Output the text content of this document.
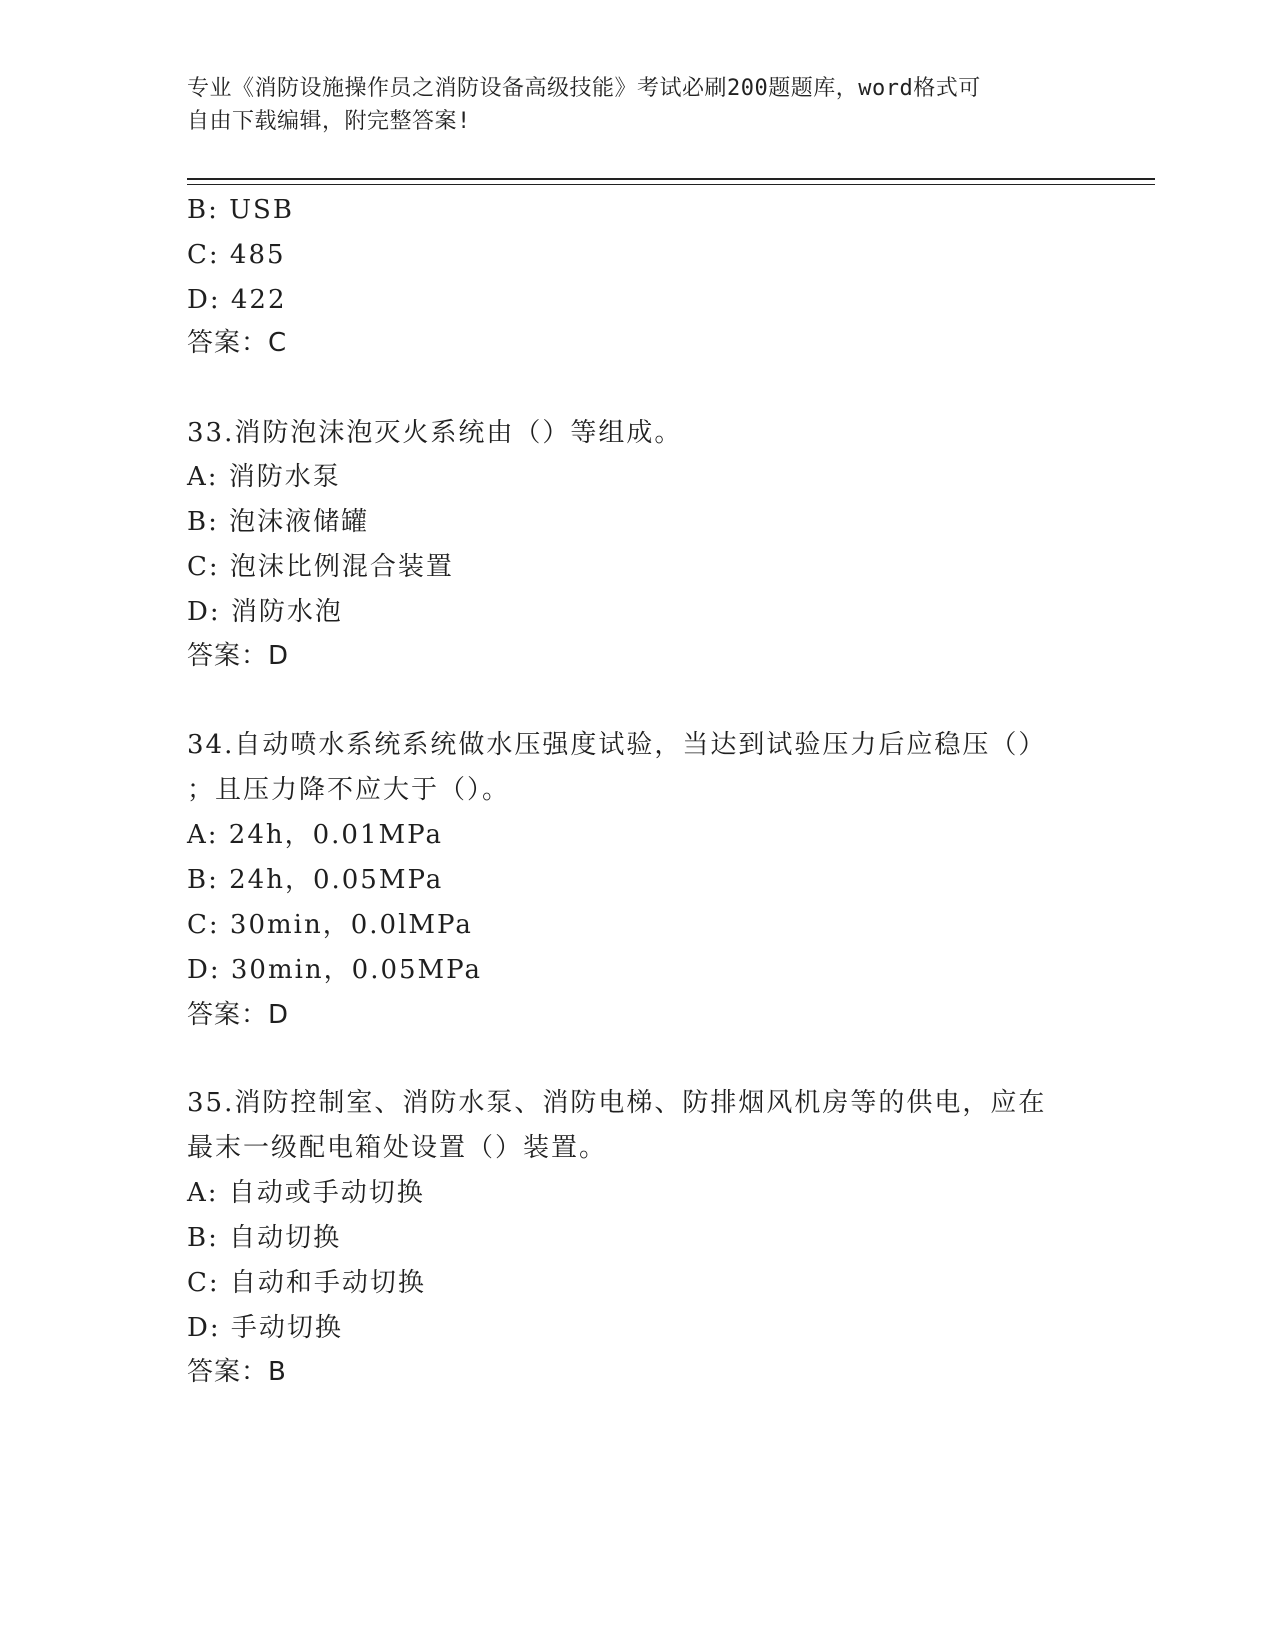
专业《消防设施操作员之消防设备高级技能》考试必刷200题题库，word格式可
自由下载编辑，附完整答案!
B: USB
C: 485
D: 422
答案：C
33.消防泡沫泡灭火系统由（）等组成。
A: 消防水泵
B: 泡沫液储罐
C: 泡沫比例混合装置
D: 消防水泡
答案：D
34.自动喷水系统系统做水压强度试验，当达到试验压力后应稳压（）
；且压力降不应大于（）。
A: 24h，0.01MPa
B: 24h，0.05MPa
C: 30min，0.0lMPa
D: 30min，0.05MPa
答案：D
35.消防控制室、消防水泵、消防电梯、防排烟风机房等的供电，应在
最末一级配电箱处设置（）装置。
A: 自动或手动切换
B: 自动切换
C: 自动和手动切换
D: 手动切换
答案：B
